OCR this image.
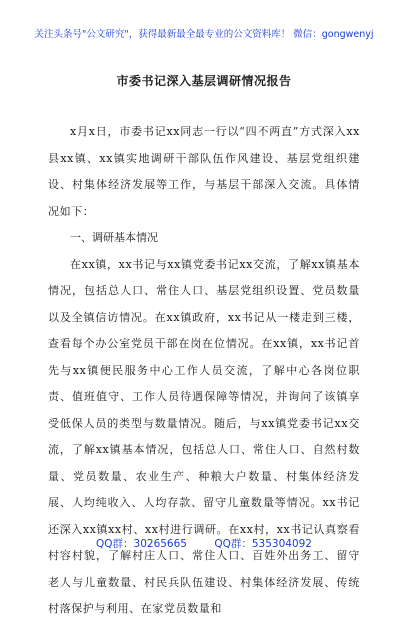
关注头条号"公文研究"，获得最新最全最专业的公文资料库！ 微信：gongwenyj
市委书记深入基层调研情况报告

x月x日，市委书记xx同志一行以“四不两直”方式深入xx县xx镇、xx镇实地调研干部队伍作风建设、基层党组织建设、村集体经济发展等工作，与基层干部深入交流。具体情况如下：

一、调研基本情况

在xx镇，xx书记与xx镇党委书记xx交流，了解xx镇基本情况，包括总人口、常住人口、基层党组织设置、党员数量以及全镇信访情况。在xx镇政府，xx书记从一楼走到三楼，查看每个办公室党员干部在岗在位情况。在xx镇，xx书记首先与xx镇便民服务中心工作人员交流，了解中心各岗位职责、值班值守、工作人员待遇保障等情况，并询问了该镇享受低保人员的类型与数量情况。随后，与xx镇党委书记xx交流，了解xx镇基本情况，包括总人口、常住人口、自然村数量、党员数量、农业生产、种粮大户数量、村集体经济发展、人均纯收入、人均存款、留守儿童数量等情况。xx书记还深入xx镇xx村、xx村进行调研。在xx村，xx书记认真察看村容村貌，了解村庄人口、常住人口、百姓外出务工、留守老人与儿童数量、村民兵队伍建设、村集体经济发展、传统村落保护与利用、在家党员数量和

QQ群：30265665	QQ群：535304092
